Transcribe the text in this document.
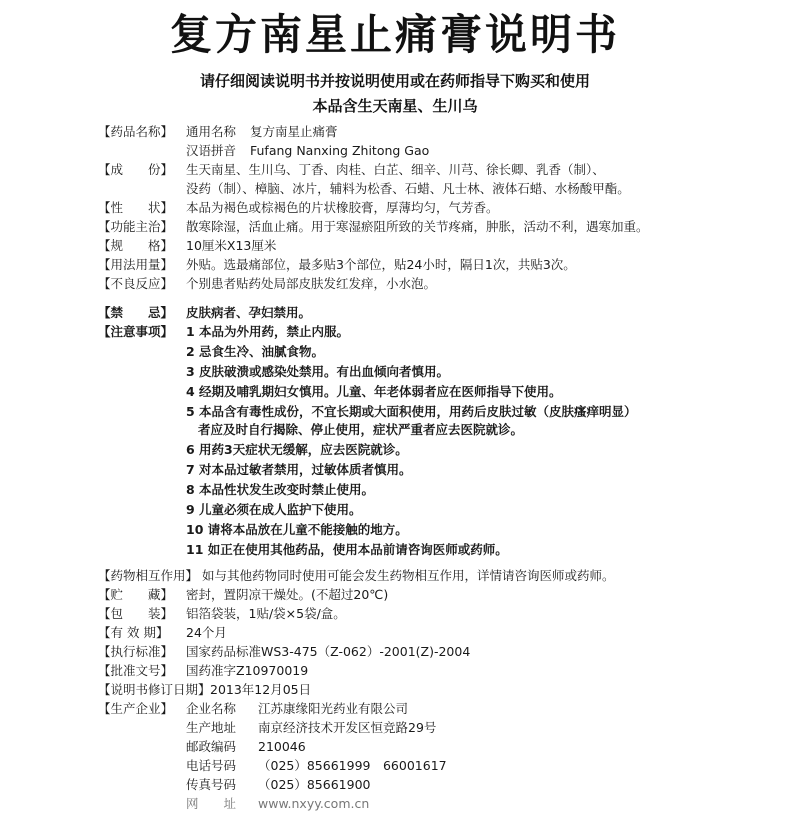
复方南星止痛膏说明书
请仔细阅读说明书并按说明使用或在药师指导下购买和使用
本品含生天南星、生川乌
【药品名称】	通用名称	复方南星止痛膏
汉语拼音	Fufang Nanxing Zhitong Gao
【成　　份】	生天南星、生川乌、丁香、肉桂、白芷、细辛、川芎、徐长卿、乳香（制）、
没药（制）、樟脑、冰片，辅料为松香、石蜡、凡士林、液体石蜡、水杨酸甲酯。
【性　　状】	本品为褐色或棕褐色的片状橡胶膏，厚薄均匀，气芳香。
【功能主治】	散寒除湿，活血止痛。用于寒湿瘀阻所致的关节疼痛，肿胀，活动不利，遇寒加重。
【规　　格】	10厘米X13厘米
【用法用量】	外贴。选最痛部位，最多贴3个部位，贴24小时，隔日1次，共贴3次。
【不良反应】	个别患者贴药处局部皮肤发红发痒，小水泡。
【禁　　忌】	皮肤病者、孕妇禁用。
【注意事项】	1 本品为外用药，禁止内服。
2 忌食生冷、油腻食物。
3 皮肤破溃或感染处禁用。有出血倾向者慎用。
4 经期及哺乳期妇女慎用。儿童、年老体弱者应在医师指导下使用。
5 本品含有毒性成份，不宜长期或大面积使用，用药后皮肤过敏（皮肤瘙痒明显）
者应及时自行揭除、停止使用，症状严重者应去医院就诊。
6 用药3天症状无缓解，应去医院就诊。
7 对本品过敏者禁用，过敏体质者慎用。
8 本品性状发生改变时禁止使用。
9 儿童必须在成人监护下使用。
10 请将本品放在儿童不能接触的地方。
11 如正在使用其他药品，使用本品前请咨询医师或药师。
【药物相互作用】 如与其他药物同时使用可能会发生药物相互作用，详情请咨询医师或药师。
【贮　　藏】	密封，置阴凉干燥处。(不超过20℃)
【包　　装】	铝箔袋装，1贴/袋×5袋/盒。
【有 效 期】	24个月
【执行标准】	国家药品标准WS3-475（Z-062）-2001(Z)-2004
【批准文号】	国药准字Z10970019
【说明书修订日期】 2013年12月05日
【生产企业】	企业名称	江苏康缘阳光药业有限公司
生产地址	南京经济技术开发区恒竞路29号
邮政编码	210046
电话号码	（025）85661999　66001617
传真号码	（025）85661900
网　　址	www.nxyy.com.cn
